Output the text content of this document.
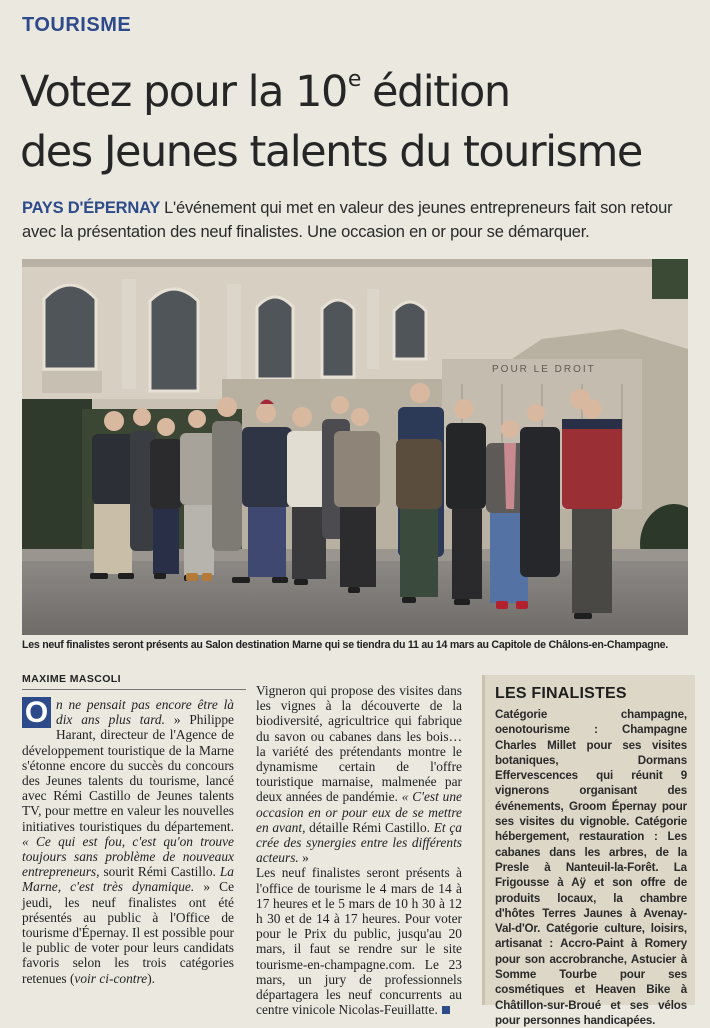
TOURISME
Votez pour la 10e édition
des Jeunes talents du tourisme

PAYS D'ÉPERNAY L'événement qui met en valeur des jeunes entrepreneurs fait son retour avec la présentation des neuf finalistes. Une occasion en or pour se démarquer.

POUR LE DROIT

Les neuf finalistes seront présents au Salon destination Marne qui se tiendra du 11 au 14 mars au Capitole de Châlons-en-Champagne.

MAXIME MASCOLI

O n ne pensait pas encore être là dix ans plus tard. » Philippe Harant, directeur de l'Agence de développement touristique de la Marne s'étonne encore du succès du concours des Jeunes talents du tourisme, lancé avec Rémi Castillo de Jeunes talents TV, pour mettre en valeur les nouvelles initiatives touristiques du département. « Ce qui est fou, c'est qu'on trouve toujours sans problème de nouveaux entrepreneurs, sourit Rémi Castillo. La Marne, c'est très dynamique. » Ce jeudi, les neuf finalistes ont été présentés au public à l'Office de tourisme d'Épernay. Il est possible pour le public de voter pour leurs candidats favoris selon les trois catégories retenues (voir ci-contre).

Vigneron qui propose des visites dans les vignes à la découverte de la biodiversité, agricultrice qui fabrique du savon ou cabanes dans les bois… la variété des prétendants montre le dynamisme certain de l'offre touristique marnaise, malmenée par deux années de pandémie. « C'est une occasion en or pour eux de se mettre en avant, détaille Rémi Castillo. Et ça crée des synergies entre les différents acteurs. »

Les neuf finalistes seront présents à l'office de tourisme le 4 mars de 14 à 17 heures et le 5 mars de 10 h 30 à 12 h 30 et de 14 à 17 heures. Pour voter pour le Prix du public, jusqu'au 20 mars, il faut se rendre sur le site tourisme-en-champagne.com. Le 23 mars, un jury de professionnels départagera les neuf concurrents au centre vinicole Nicolas-Feuillatte.

LES FINALISTES

Catégorie champagne, oenotourisme : Champagne Charles Millet pour ses visites botaniques, Dormans Effervescences qui réunit 9 vignerons organisant des événements, Groom Épernay pour ses visites du vignoble. Catégorie hébergement, restauration : Les cabanes dans les arbres, de la Presle à Nanteuil-la-Forêt. La Frigousse à Aÿ et son offre de produits locaux, la chambre d'hôtes Terres Jaunes à Avenay-Val-d'Or. Catégorie culture, loisirs, artisanat : Accro-Paint à Romery pour son accrobranche, Astucier à Somme Tourbe pour ses cosmétiques et Heaven Bike à Châtillon-sur-Broué et ses vélos pour personnes handicapées.
